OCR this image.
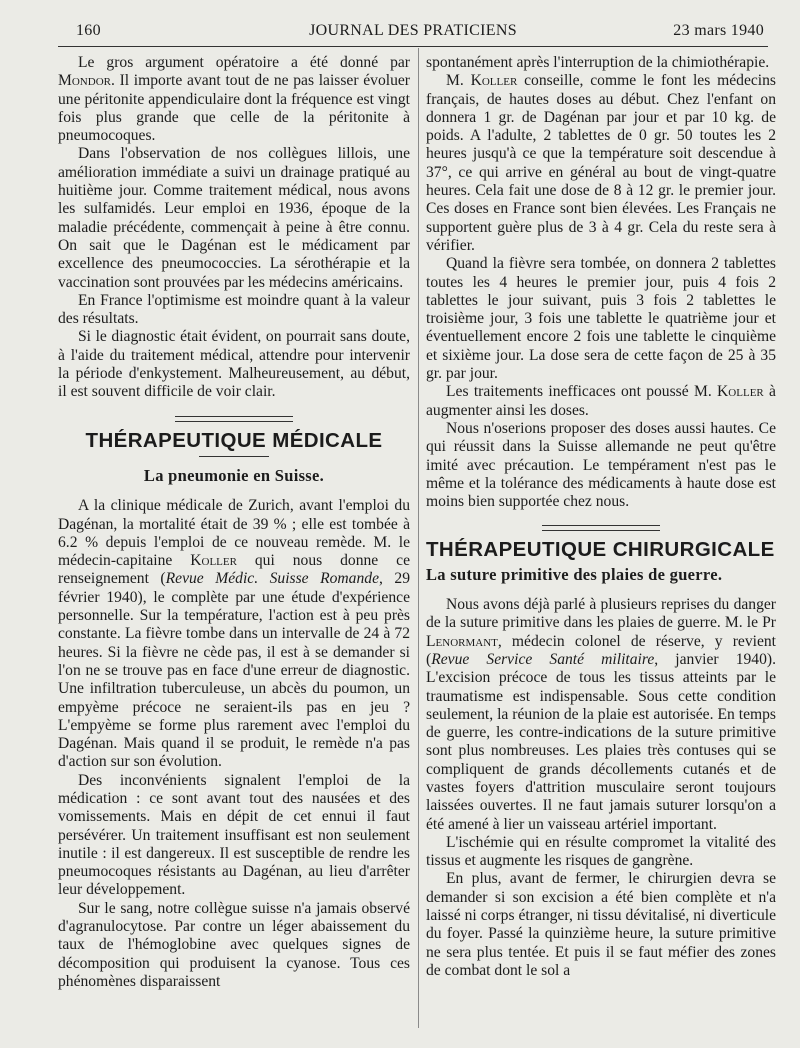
160	JOURNAL DES PRATICIENS	23 mars 1940

Le gros argument opératoire a été donné par Mondor. Il importe avant tout de ne pas laisser évoluer une péritonite appendiculaire dont la fréquence est vingt fois plus grande que celle de la péritonite à pneumocoques.

Dans l'observation de nos collègues lillois, une amélioration immédiate a suivi un drainage pratiqué au huitième jour. Comme traitement médical, nous avons les sulfamidés. Leur emploi en 1936, époque de la maladie précédente, commençait à peine à être connu. On sait que le Dagénan est le médicament par excellence des pneumococcies. La sérothérapie et la vaccination sont prouvées par les médecins américains.

En France l'optimisme est moindre quant à la valeur des résultats.

Si le diagnostic était évident, on pourrait sans doute, à l'aide du traitement médical, attendre pour intervenir la période d'enkystement. Malheureusement, au début, il est souvent difficile de voir clair.

THÉRAPEUTIQUE MÉDICALE
La pneumonie en Suisse.

A la clinique médicale de Zurich, avant l'emploi du Dagénan, la mortalité était de 39 % ; elle est tombée à 6.2 % depuis l'emploi de ce nouveau remède. M. le médecin-capitaine Koller qui nous donne ce renseignement (Revue Médic. Suisse Romande, 29 février 1940), le complète par une étude d'expérience personnelle. Sur la température, l'action est à peu près constante. La fièvre tombe dans un intervalle de 24 à 72 heures. Si la fièvre ne cède pas, il est à se demander si l'on ne se trouve pas en face d'une erreur de diagnostic. Une infiltration tuberculeuse, un abcès du poumon, un empyème précoce ne seraient-ils pas en jeu ? L'empyème se forme plus rarement avec l'emploi du Dagénan. Mais quand il se produit, le remède n'a pas d'action sur son évolution.

Des inconvénients signalent l'emploi de la médication : ce sont avant tout des nausées et des vomissements. Mais en dépit de cet ennui il faut persévérer. Un traitement insuffisant est non seulement inutile : il est dangereux. Il est susceptible de rendre les pneumocoques résistants au Dagénan, au lieu d'arrêter leur développement.

Sur le sang, notre collègue suisse n'a jamais observé d'agranulocytose. Par contre un léger abaissement du taux de l'hémoglobine avec quelques signes de décomposition qui produisent la cyanose. Tous ces phénomènes disparaissent

spontanément après l'interruption de la chimiothérapie.

M. Koller conseille, comme le font les médecins français, de hautes doses au début. Chez l'enfant on donnera 1 gr. de Dagénan par jour et par 10 kg. de poids. A l'adulte, 2 tablettes de 0 gr. 50 toutes les 2 heures jusqu'à ce que la température soit descendue à 37°, ce qui arrive en général au bout de vingt-quatre heures. Cela fait une dose de 8 à 12 gr. le premier jour. Ces doses en France sont bien élevées. Les Français ne supportent guère plus de 3 à 4 gr. Cela du reste sera à vérifier.

Quand la fièvre sera tombée, on donnera 2 tablettes toutes les 4 heures le premier jour, puis 4 fois 2 tablettes le jour suivant, puis 3 fois 2 tablettes le troisième jour, 3 fois une tablette le quatrième jour et éventuellement encore 2 fois une tablette le cinquième et sixième jour. La dose sera de cette façon de 25 à 35 gr. par jour.

Les traitements inefficaces ont poussé M. Koller à augmenter ainsi les doses.

Nous n'oserions proposer des doses aussi hautes. Ce qui réussit dans la Suisse allemande ne peut qu'être imité avec précaution. Le tempérament n'est pas le même et la tolérance des médicaments à haute dose est moins bien supportée chez nous.

THÉRAPEUTIQUE CHIRURGICALE
La suture primitive des plaies de guerre.

Nous avons déjà parlé à plusieurs reprises du danger de la suture primitive dans les plaies de guerre. M. le Pr Lenormant, médecin colonel de réserve, y revient (Revue Service Santé militaire, janvier 1940). L'excision précoce de tous les tissus atteints par le traumatisme est indispensable. Sous cette condition seulement, la réunion de la plaie est autorisée. En temps de guerre, les contre-indications de la suture primitive sont plus nombreuses. Les plaies très contuses qui se compliquent de grands décollements cutanés et de vastes foyers d'attrition musculaire seront toujours laissées ouvertes. Il ne faut jamais suturer lorsqu'on a été amené à lier un vaisseau artériel important.

L'ischémie qui en résulte compromet la vitalité des tissus et augmente les risques de gangrène.

En plus, avant de fermer, le chirurgien devra se demander si son excision a été bien complète et n'a laissé ni corps étranger, ni tissu dévitalisé, ni diverticule du foyer. Passé la quinzième heure, la suture primitive ne sera plus tentée. Et puis il se faut méfier des zones de combat dont le sol a
